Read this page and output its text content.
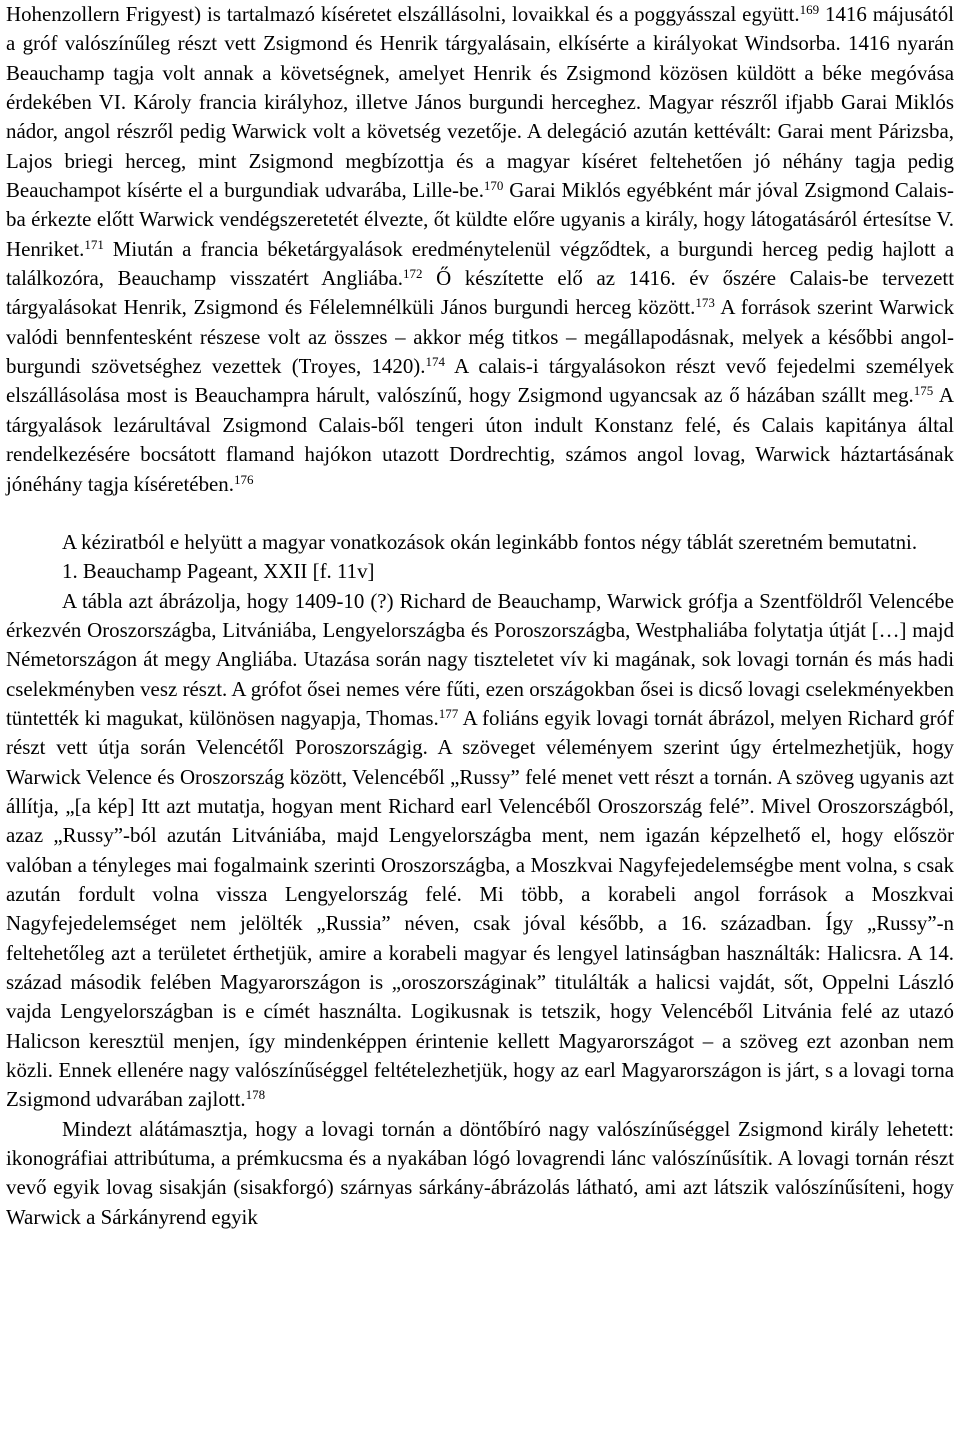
Hohenzollern Frigyest) is tartalmazó kíséretet elszállásolni, lovaikkal és a poggyásszal együtt.$^{169}$ 1416 májusától a gróf valószínűleg részt vett Zsigmond és Henrik tárgyalásain, elkísérte a királyokat Windsorba. 1416 nyarán Beauchamp tagja volt annak a követségnek, amelyet Henrik és Zsigmond közösen küldött a béke megóvása érdekében VI. Károly francia királyhoz, illetve János burgundi herceghez. Magyar részről ifjabb Garai Miklós nádor, angol részről pedig Warwick volt a követség vezetője. A delegáció azután kettévált: Garai ment Párizsba, Lajos briegi herceg, mint Zsigmond megbízottja és a magyar kíséret feltehetően jó néhány tagja pedig Beauchampot kísérte el a burgundiak udvarába, Lille-be.$^{170}$ Garai Miklós egyébként már jóval Zsigmond Calais-ba érkezte előtt Warwick vendégszeretetét élvezte, őt küldte előre ugyanis a király, hogy látogatásáról értesítse V. Henriket.$^{171}$ Miután a francia béketárgyalások eredménytelenül végződtek, a burgundi herceg pedig hajlott a találkozóra, Beauchamp visszatért Angliába.$^{172}$ Ő készítette elő az 1416. év őszére Calais-be tervezett tárgyalásokat Henrik, Zsigmond és Félelemnélküli János burgundi herceg között.$^{173}$ A források szerint Warwick valódi bennfentesként részese volt az összes – akkor még titkos – megállapodásnak, melyek a későbbi angol-burgundi szövetséghez vezettek (Troyes, 1420).$^{174}$ A calais-i tárgyalásokon részt vevő fejedelmi személyek elszállásolása most is Beauchampra hárult, valószínű, hogy Zsigmond ugyancsak az ő házában szállt meg.$^{175}$ A tárgyalások lezárultával Zsigmond Calais-ből tengeri úton indult Konstanz felé, és Calais kapitánya által rendelkezésére bocsátott flamand hajókon utazott Dordrechtig, számos angol lovag, Warwick háztartásának jónéhány tagja kíséretében.$^{176}$

A kéziratból e helyütt a magyar vonatkozások okán leginkább fontos négy táblát szeretném bemutatni.

1. Beauchamp Pageant, XXII [f. 11v]

A tábla azt ábrázolja, hogy 1409-10 (?) Richard de Beauchamp, Warwick grófja a Szentföldről Velencébe érkezvén Oroszországba, Litvániába, Lengyelországba és Poroszországba, Westphaliába folytatja útját […] majd Németországon át megy Angliába. Utazása során nagy tiszteletet vív ki magának, sok lovagi tornán és más hadi cselekményben vesz részt. A grófot ősei nemes vére fűti, ezen országokban ősei is dicső lovagi cselekményekben tüntették ki magukat, különösen nagyapja, Thomas.$^{177}$ A foliáns egyik lovagi tornát ábrázol, melyen Richard gróf részt vett útja során Velencétől Poroszországig. A szöveget véleményem szerint úgy értelmezhetjük, hogy Warwick Velence és Oroszország között, Velencéből „Russy” felé menet vett részt a tornán. A szöveg ugyanis azt állítja, „[a kép] Itt azt mutatja, hogyan ment Richard earl Velencéből Oroszország felé”. Mivel Oroszországból, azaz „Russy”-ból azután Litvániába, majd Lengyelországba ment, nem igazán képzelhető el, hogy először valóban a tényleges mai fogalmaink szerinti Oroszországba, a Moszkvai Nagyfejedelemségbe ment volna, s csak azután fordult volna vissza Lengyelország felé. Mi több, a korabeli angol források a Moszkvai Nagyfejedelemséget nem jelölték „Russia” néven, csak jóval később, a 16. században. Így „Russy”-n feltehetőleg azt a területet érthetjük, amire a korabeli magyar és lengyel latinságban használták: Halicsra. A 14. század második felében Magyarországon is „oroszországinak” titulálták a halicsi vajdát, sőt, Oppelni László vajda Lengyelországban is e címét használta. Logikusnak is tetszik, hogy Velencéből Litvánia felé az utazó Halicson keresztül menjen, így mindenképpen érintenie kellett Magyarországot – a szöveg ezt azonban nem közli. Ennek ellenére nagy valószínűséggel feltételezhetjük, hogy az earl Magyarországon is járt, s a lovagi torna Zsigmond udvarában zajlott.$^{178}$

Mindezt alátámasztja, hogy a lovagi tornán a döntőbíró nagy valószínűséggel Zsigmond király lehetett: ikonográfiai attribútuma, a prémkucsma és a nyakában lógó lovagrendi lánc valószínűsítik. A lovagi tornán részt vevő egyik lovag sisakján (sisakforgó) szárnyas sárkány-ábrázolás látható, ami azt látszik valószínűsíteni, hogy Warwick a Sárkányrend egyik
